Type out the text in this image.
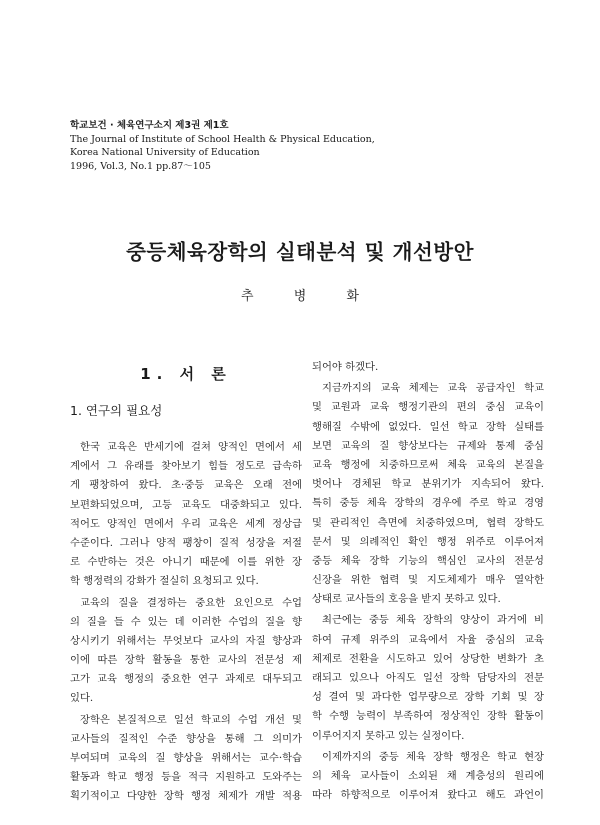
학교보건 · 체육연구소지 제3권 제1호
The Journal of Institute of School Health & Physical Education,
Korea National University of Education
1996, Vol.3, No.1 pp.87～105
중등체육장학의 실태분석 및 개선방안
추 병 화
1. 서 론
1. 연구의 필요성
한국 교육은 반세기에 걸쳐 양적인 면에서 세
계에서 그 유래를 찾아보기 힘들 정도로 급속하
게 팽창하여 왔다. 초·중등 교육은 오래 전에
보편화되었으며, 고등 교육도 대중화되고 있다.
적어도 양적인 면에서 우리 교육은 세계 정상급
수준이다. 그러나 양적 팽창이 질적 성장을 저절
로 수반하는 것은 아니기 때문에 이를 위한 장
학 행정력의 강화가 절실히 요청되고 있다.
교육의 질을 결정하는 중요한 요인으로 수업
의 질을 들 수 있는 데 이러한 수업의 질을 향
상시키기 위해서는 무엇보다 교사의 자질 향상과
이에 따른 장학 활동을 통한 교사의 전문성 제
고가 교육 행정의 중요한 연구 과제로 대두되고
있다.
장학은 본질적으로 일선 학교의 수업 개선 및
교사들의 질적인 수준 향상을 통해 그 의미가
부여되며 교육의 질 향상을 위해서는 교수·학습
활동과 학교 행정 등을 적극 지원하고 도와주는
획기적이고 다양한 장학 행정 체제가 개발 적용
되어야 하겠다.
지금까지의 교육 체제는 교육 공급자인 학교
및 교원과 교육 행정기관의 편의 중심 교육이
행해질 수밖에 없었다. 일선 학교 장학 실태를
보면 교육의 질 향상보다는 규제와 통제 중심
교육 행정에 치중하므로써 체육 교육의 본질을
벗어나 경체된 학교 분위기가 지속되어 왔다.
특히 중등 체육 장학의 경우에 주로 학교 경영
및 관리적인 측면에 치중하였으며, 협력 장학도
문서 및 의례적인 확인 행정 위주로 이루어져
중등 체육 장학 기능의 핵심인 교사의 전문성
신장을 위한 협력 및 지도체제가 매우 열악한
상태로 교사들의 호응을 받지 못하고 있다.
최근에는 중등 체육 장학의 양상이 과거에 비
하여 규제 위주의 교육에서 자율 중심의 교육
체제로 전환을 시도하고 있어 상당한 변화가 초
래되고 있으나 아직도 일선 장학 담당자의 전문
성 결여 및 과다한 업무량으로 장학 기회 및 장
학 수행 능력이 부족하여 정상적인 장학 활동이
이루어지지 못하고 있는 실정이다.
이제까지의 중등 체육 장학 행정은 학교 현장
의 체육 교사들이 소외된 채 계층성의 원리에
따라 하향적으로 이루어져 왔다고 해도 과언이
